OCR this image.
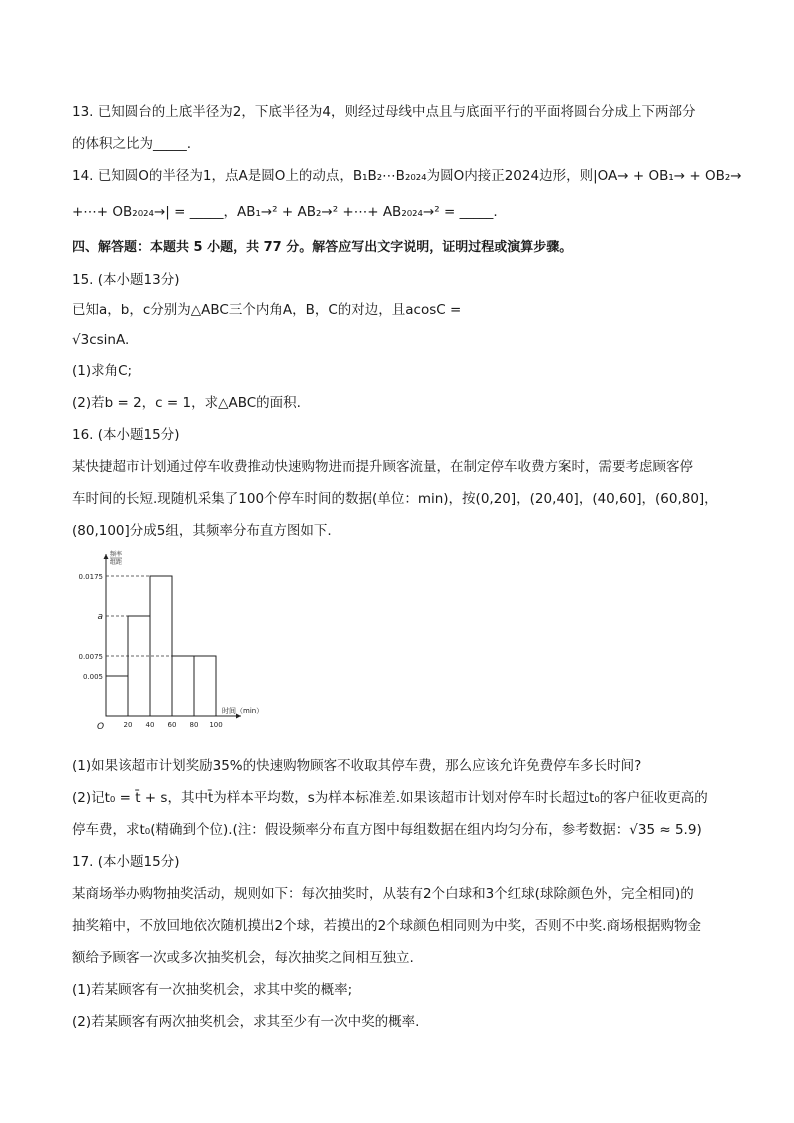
13. 已知圆台的上底半径为2，下底半径为4，则经过母线中点且与底面平行的平面将圆台分成上下两部分
的体积之比为_____.
14. 已知圆O的半径为1，点A是圆O上的动点，B₁B₂⋯B₂₀₂₄为圆O内接正2024边形，则|OA→ + OB₁→ + OB₂→
+⋯+ OB₂₀₂₄→| = _____，AB₁→² + AB₂→² +⋯+ AB₂₀₂₄→² = _____.
四、解答题：本题共 5 小题，共 77 分。解答应写出文字说明，证明过程或演算步骤。
15. (本小题13分)
已知a，b，c分别为△ABC三个内角A，B，C的对边，且acosC =
√3csinA.
(1)求角C;
(2)若b = 2，c = 1，求△ABC的面积.
16. (本小题15分)
某快捷超市计划通过停车收费推动快速购物进而提升顾客流量，在制定停车收费方案时，需要考虑顾客停
车时间的长短.现随机采集了100个停车时间的数据(单位：min)，按(0,20]，(20,40]，(40,60]，(60,80]，
(80,100]分成5组，其频率分布直方图如下.
0.005
0.0075
a
0.0175
20 40 60 80 100
O
频率
组距
时间（min）
(1)如果该超市计划奖励35%的快速购物顾客不收取其停车费，那么应该允许免费停车多长时间?
(2)记t₀ = t̄ + s，其中t̄为样本平均数，s为样本标准差.如果该超市计划对停车时长超过t₀的客户征收更高的
停车费，求t₀(精确到个位).(注：假设频率分布直方图中每组数据在组内均匀分布，参考数据：√35 ≈ 5.9)
17. (本小题15分)
某商场举办购物抽奖活动，规则如下：每次抽奖时，从装有2个白球和3个红球(球除颜色外，完全相同)的
抽奖箱中，不放回地依次随机摸出2个球，若摸出的2个球颜色相同则为中奖，否则不中奖.商场根据购物金
额给予顾客一次或多次抽奖机会，每次抽奖之间相互独立.
(1)若某顾客有一次抽奖机会，求其中奖的概率;
(2)若某顾客有两次抽奖机会，求其至少有一次中奖的概率.
